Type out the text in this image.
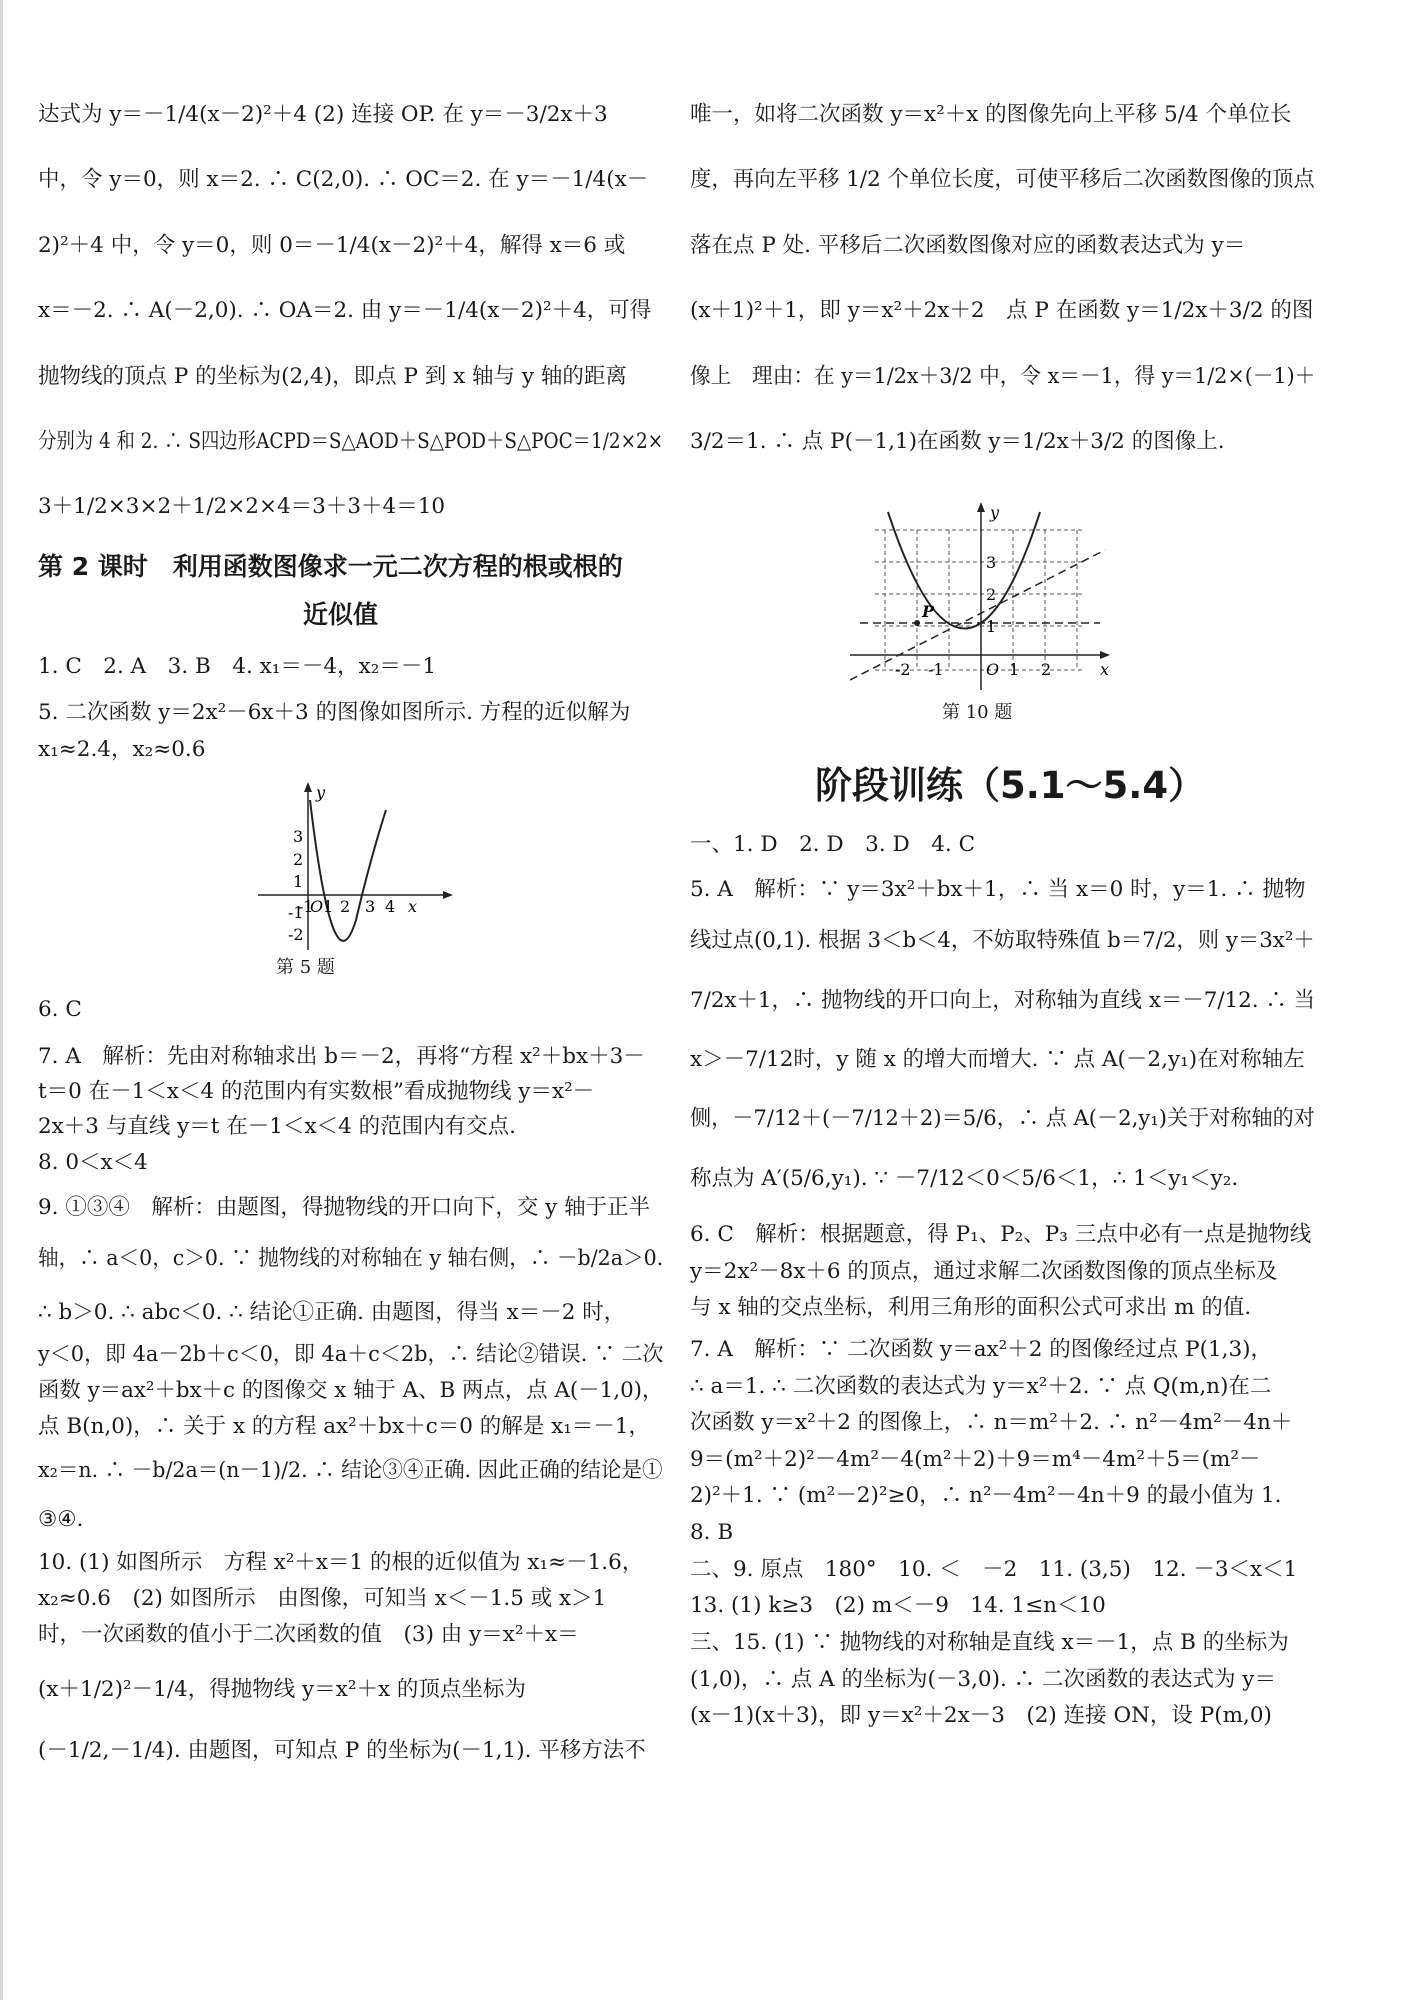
达式为 y＝－1/4(x－2)²＋4 (2) 连接 OP. 在 y＝－3/2x＋3
中，令 y＝0，则 x＝2. ∴ C(2,0). ∴ OC＝2. 在 y＝－1/4(x－
2)²＋4 中，令 y＝0，则 0＝－1/4(x－2)²＋4，解得 x＝6 或
x＝－2. ∴ A(－2,0). ∴ OA＝2. 由 y＝－1/4(x－2)²＋4，可得
抛物线的顶点 P 的坐标为(2,4)，即点 P 到 x 轴与 y 轴的距离
分别为 4 和 2. ∴ S四边形ACPD＝S△AOD＋S△POD＋S△POC＝1/2×2×
3＋1/2×3×2＋1/2×2×4＝3＋3＋4＝10
第 2 课时　利用函数图像求一元二次方程的根或根的
近似值
1. C　2. A　3. B　4. x₁＝－4，x₂＝－1
5. 二次函数 y＝2x²－6x＋3 的图像如图所示. 方程的近似解为
x₁≈2.4，x₂≈0.6
-1 1 2 3 4 x
3
2
1
-1
-2
y
O
第 5 题
6. C
7. A　解析：先由对称轴求出 b＝－2，再将“方程 x²＋bx＋3－
t＝0 在－1＜x＜4 的范围内有实数根”看成抛物线 y＝x²－
2x＋3 与直线 y＝t 在－1＜x＜4 的范围内有交点.
8. 0＜x＜4
9. ①③④　解析：由题图，得抛物线的开口向下，交 y 轴于正半
轴，∴ a＜0，c＞0. ∵ 抛物线的对称轴在 y 轴右侧，∴ －b/2a＞0.
∴ b＞0. ∴ abc＜0. ∴ 结论①正确. 由题图，得当 x＝－2 时，
y＜0，即 4a－2b＋c＜0，即 4a＋c＜2b，∴ 结论②错误. ∵ 二次
函数 y＝ax²＋bx＋c 的图像交 x 轴于 A、B 两点，点 A(－1,0)，
点 B(n,0)，∴ 关于 x 的方程 ax²＋bx＋c＝0 的解是 x₁＝－1，
x₂＝n. ∴ －b/2a＝(n－1)/2. ∴ 结论③④正确. 因此正确的结论是①
③④.
10. (1) 如图所示　方程 x²＋x＝1 的根的近似值为 x₁≈－1.6，
x₂≈0.6　(2) 如图所示　由图像，可知当 x＜－1.5 或 x＞1
时，一次函数的值小于二次函数的值　(3) 由 y＝x²＋x＝
(x＋1/2)²－1/4，得抛物线 y＝x²＋x 的顶点坐标为
(－1/2,－1/4). 由题图，可知点 P 的坐标为(－1,1). 平移方法不
唯一，如将二次函数 y＝x²＋x 的图像先向上平移 5/4 个单位长
度，再向左平移 1/2 个单位长度，可使平移后二次函数图像的顶点
落在点 P 处. 平移后二次函数图像对应的函数表达式为 y＝
(x＋1)²＋1，即 y＝x²＋2x＋2　点 P 在函数 y＝1/2x＋3/2 的图
像上　理由：在 y＝1/2x＋3/2 中，令 x＝－1，得 y＝1/2×(－1)＋
3/2＝1. ∴ 点 P(－1,1)在函数 y＝1/2x＋3/2 的图像上.
P
-2 -1	1 2	x
O
3
2
1
y
第 10 题
阶段训练（5.1～5.4）
一、1. D　2. D　3. D　4. C
5. A　解析：∵ y＝3x²＋bx＋1，∴ 当 x＝0 时，y＝1. ∴ 抛物
线过点(0,1). 根据 3＜b＜4，不妨取特殊值 b＝7/2，则 y＝3x²＋
7/2x＋1，∴ 抛物线的开口向上，对称轴为直线 x＝－7/12. ∴ 当
x＞－7/12时，y 随 x 的增大而增大. ∵ 点 A(－2,y₁)在对称轴左
侧，－7/12＋(－7/12＋2)＝5/6，∴ 点 A(－2,y₁)关于对称轴的对
称点为 A′(5/6,y₁). ∵ －7/12＜0＜5/6＜1，∴ 1＜y₁＜y₂.
6. C　解析：根据题意，得 P₁、P₂、P₃ 三点中必有一点是抛物线
y＝2x²－8x＋6 的顶点，通过求解二次函数图像的顶点坐标及
与 x 轴的交点坐标，利用三角形的面积公式可求出 m 的值.
7. A　解析：∵ 二次函数 y＝ax²＋2 的图像经过点 P(1,3)，
∴ a＝1. ∴ 二次函数的表达式为 y＝x²＋2. ∵ 点 Q(m,n)在二
次函数 y＝x²＋2 的图像上，∴ n＝m²＋2. ∴ n²－4m²－4n＋
9＝(m²＋2)²－4m²－4(m²＋2)＋9＝m⁴－4m²＋5＝(m²－
2)²＋1. ∵ (m²－2)²≥0，∴ n²－4m²－4n＋9 的最小值为 1.
8. B
二、9. 原点　180°　10. ＜　－2　11. (3,5)　12. －3＜x＜1
13. (1) k≥3　(2) m＜－9　14. 1≤n＜10
三、15. (1) ∵ 抛物线的对称轴是直线 x＝－1，点 B 的坐标为
(1,0)，∴ 点 A 的坐标为(－3,0). ∴ 二次函数的表达式为 y＝
(x－1)(x＋3)，即 y＝x²＋2x－3　(2) 连接 ON，设 P(m,0)
